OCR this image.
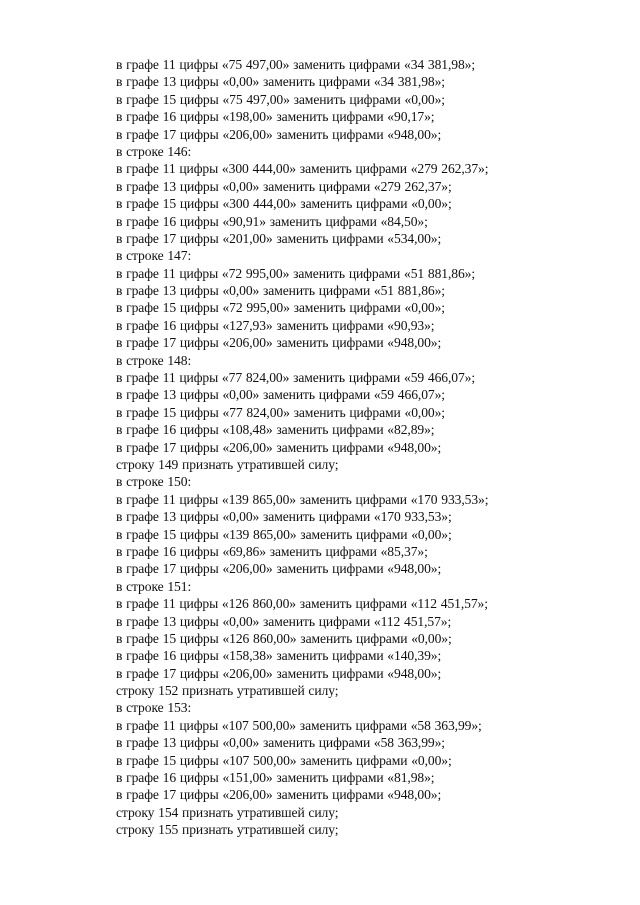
в графе 11 цифры «75 497,00» заменить цифрами «34 381,98»;
в графе 13 цифры «0,00» заменить цифрами «34 381,98»;
в графе 15 цифры «75 497,00» заменить цифрами «0,00»;
в графе 16 цифры «198,00» заменить цифрами «90,17»;
в графе 17 цифры «206,00» заменить цифрами «948,00»;
в строке 146:
в графе 11 цифры «300 444,00» заменить цифрами «279 262,37»;
в графе 13 цифры «0,00» заменить цифрами «279 262,37»;
в графе 15 цифры «300 444,00» заменить цифрами «0,00»;
в графе 16 цифры «90,91» заменить цифрами «84,50»;
в графе 17 цифры «201,00» заменить цифрами «534,00»;
в строке 147:
в графе 11 цифры «72 995,00» заменить цифрами «51 881,86»;
в графе 13 цифры «0,00» заменить цифрами «51 881,86»;
в графе 15 цифры «72 995,00» заменить цифрами «0,00»;
в графе 16 цифры «127,93» заменить цифрами «90,93»;
в графе 17 цифры «206,00» заменить цифрами «948,00»;
в строке 148:
в графе 11 цифры «77 824,00» заменить цифрами «59 466,07»;
в графе 13 цифры «0,00» заменить цифрами «59 466,07»;
в графе 15 цифры «77 824,00» заменить цифрами «0,00»;
в графе 16 цифры «108,48» заменить цифрами «82,89»;
в графе 17 цифры «206,00» заменить цифрами «948,00»;
строку 149 признать утратившей силу;
в строке 150:
в графе 11 цифры «139 865,00» заменить цифрами «170 933,53»;
в графе 13 цифры «0,00» заменить цифрами «170 933,53»;
в графе 15 цифры «139 865,00» заменить цифрами «0,00»;
в графе 16 цифры «69,86» заменить цифрами «85,37»;
в графе 17 цифры «206,00» заменить цифрами «948,00»;
в строке 151:
в графе 11 цифры «126 860,00» заменить цифрами «112 451,57»;
в графе 13 цифры «0,00» заменить цифрами «112 451,57»;
в графе 15 цифры «126 860,00» заменить цифрами «0,00»;
в графе 16 цифры «158,38» заменить цифрами «140,39»;
в графе 17 цифры «206,00» заменить цифрами «948,00»;
строку 152 признать утратившей силу;
в строке 153:
в графе 11 цифры «107 500,00» заменить цифрами «58 363,99»;
в графе 13 цифры «0,00» заменить цифрами «58 363,99»;
в графе 15 цифры «107 500,00» заменить цифрами «0,00»;
в графе 16 цифры «151,00» заменить цифрами «81,98»;
в графе 17 цифры «206,00» заменить цифрами «948,00»;
строку 154 признать утратившей силу;
строку 155 признать утратившей силу;
